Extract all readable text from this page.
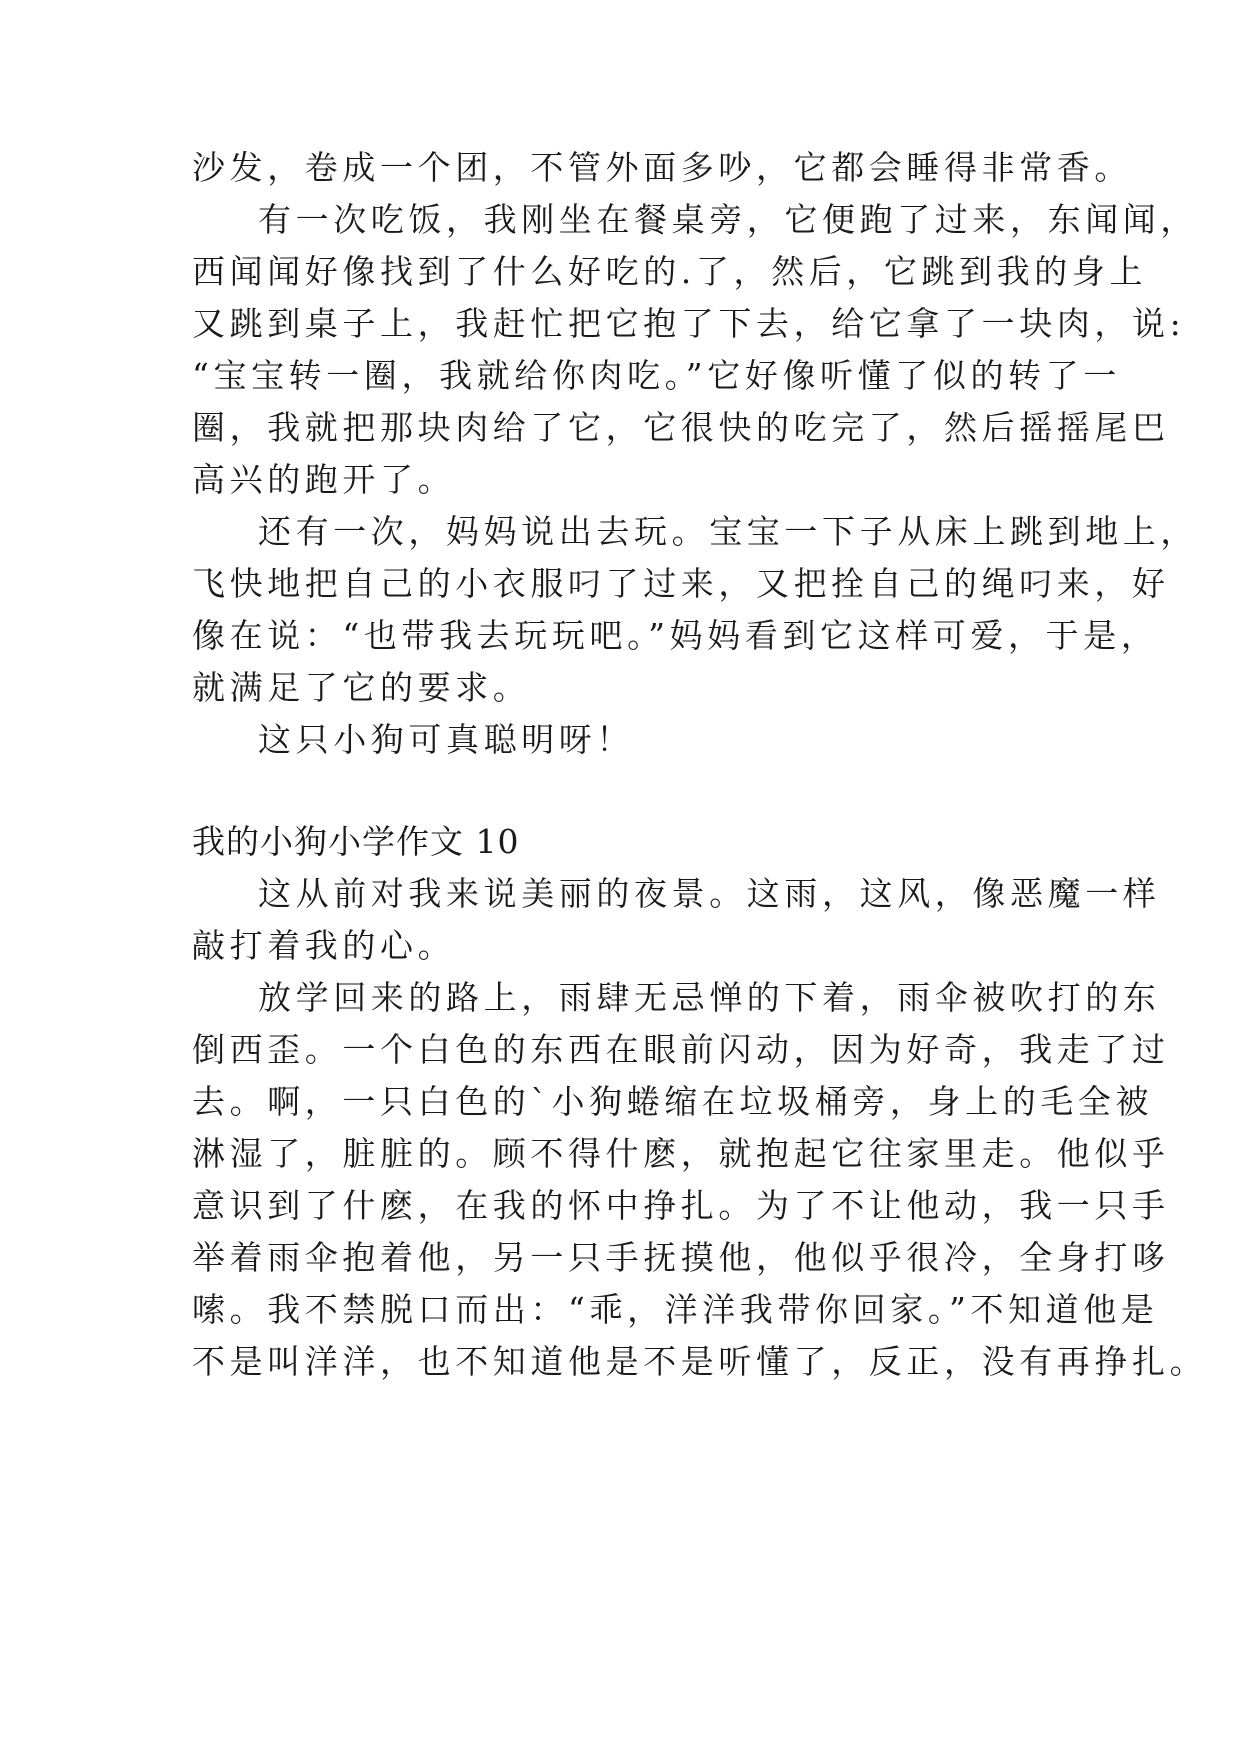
沙发，卷成一个团，不管外面多吵，它都会睡得非常香。
有一次吃饭，我刚坐在餐桌旁，它便跑了过来，东闻闻，
西闻闻好像找到了什么好吃的.了，然后，它跳到我的身上
又跳到桌子上，我赶忙把它抱了下去，给它拿了一块肉，说:
“宝宝转一圈，我就给你肉吃。”它好像听懂了似的转了一
圈，我就把那块肉给了它，它很快的吃完了，然后摇摇尾巴
高兴的跑开了。
还有一次，妈妈说出去玩。宝宝一下子从床上跳到地上，
飞快地把自己的小衣服叼了过来，又把拴自己的绳叼来，好
像在说：“也带我去玩玩吧。”妈妈看到它这样可爱，于是，
就满足了它的要求。
这只小狗可真聪明呀！
我的小狗小学作文 10
这从前对我来说美丽的夜景。这雨，这风，像恶魔一样
敲打着我的心。
放学回来的路上，雨肆无忌惮的下着，雨伞被吹打的东
倒西歪。一个白色的东西在眼前闪动，因为好奇，我走了过
去。啊，一只白色的`小狗蜷缩在垃圾桶旁，身上的毛全被
淋湿了，脏脏的。顾不得什麽，就抱起它往家里走。他似乎
意识到了什麽，在我的怀中挣扎。为了不让他动，我一只手
举着雨伞抱着他，另一只手抚摸他，他似乎很冷，全身打哆
嗦。我不禁脱口而出：“乖，洋洋我带你回家。”不知道他是
不是叫洋洋，也不知道他是不是听懂了，反正，没有再挣扎。
